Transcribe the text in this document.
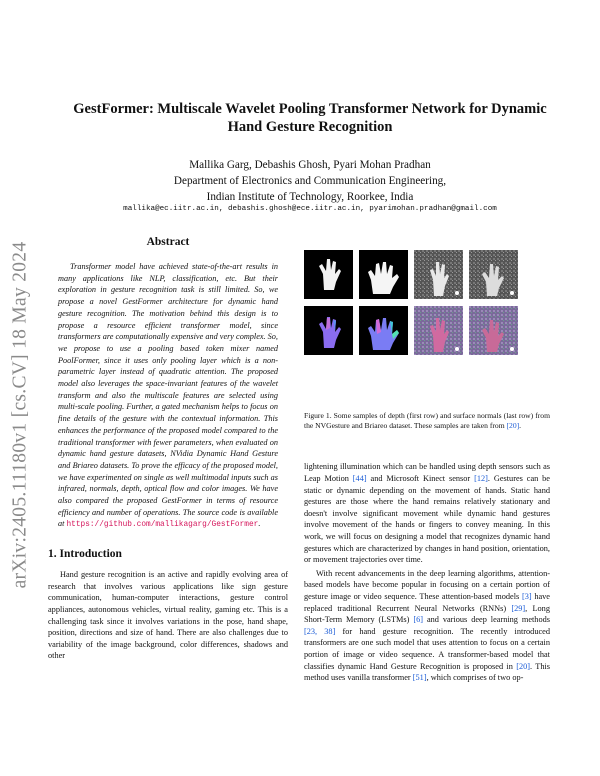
arXiv:2405.11180v1 [cs.CV] 18 May 2024
GestFormer: Multiscale Wavelet Pooling Transformer Network for Dynamic Hand Gesture Recognition
Mallika Garg, Debashis Ghosh, Pyari Mohan Pradhan
Department of Electronics and Communication Engineering,
Indian Institute of Technology, Roorkee, India
mallika@ec.iitr.ac.in, debashis.ghosh@ece.iitr.ac.in, pyarimohan.pradhan@gmail.com
Abstract

Transformer model have achieved state-of-the-art results in many applications like NLP, classification, etc. But their exploration in gesture recognition task is still limited. So, we propose a novel GestFormer architecture for dynamic hand gesture recognition. The motivation behind this design is to propose a resource efficient transformer model, since transformers are computationally expensive and very complex. So, we propose to use a pooling based token mixer named PoolFormer, since it uses only pooling layer which is a non-parametric layer instead of quadratic attention. The proposed model also leverages the space-invariant features of the wavelet transform and also the multiscale features are selected using multi-scale pooling. Further, a gated mechanism helps to focus on fine details of the gesture with the contextual information. This enhances the performance of the proposed model compared to the traditional transformer with fewer parameters, when evaluated on dynamic hand gesture datasets, NVidia Dynamic Hand Gesture and Briareo datasets. To prove the efficacy of the proposed model, we have experimented on single as well multimodal inputs such as infrared, normals, depth, optical flow and color images. We have also compared the proposed GestFormer in terms of resource efficiency and number of operations. The source code is available at https://github.com/mallikagarg/GestFormer.

1. Introduction

Hand gesture recognition is an active and rapidly evolving area of research that involves various applications like sign gesture communication, human-computer interactions, gesture control appliances, autonomous vehicles, virtual reality, gaming etc. This is a challenging task since it involves variations in the pose, hand shape, position, directions and size of hand. There are also challenges due to variability of the image background, color differences, shadows and other

Figure 1. Some samples of depth (first row) and surface normals (last row) from the NVGesture and Briareo dataset. These samples are taken from [20].

lightening illumination which can be handled using depth sensors such as Leap Motion [44] and Microsoft Kinect sensor [12]. Gestures can be static or dynamic depending on the movement of hands. Static hand gestures are those where the hand remains relatively stationary and doesn't involve significant movement while dynamic hand gestures involve movement of the hands or fingers to convey meaning. In this work, we will focus on designing a model that recognizes dynamic hand gestures which are characterized by changes in hand position, orientation, or movement trajectories over time.

With recent advancements in the deep learning algorithms, attention-based models have become popular in focusing on a certain portion of gesture image or video sequence. These attention-based models [3] have replaced traditional Recurrent Neural Networks (RNNs) [29], Long Short-Term Memory (LSTMs) [6] and various deep learning methods [23, 38] for hand gesture recognition. The recently introduced transformers are one such model that uses attention to focus on a certain portion of image or video sequence. A transformer-based model that classifies dynamic Hand Gesture Recognition is proposed in [20]. This method uses vanilla transformer [51], which comprises of two op-
